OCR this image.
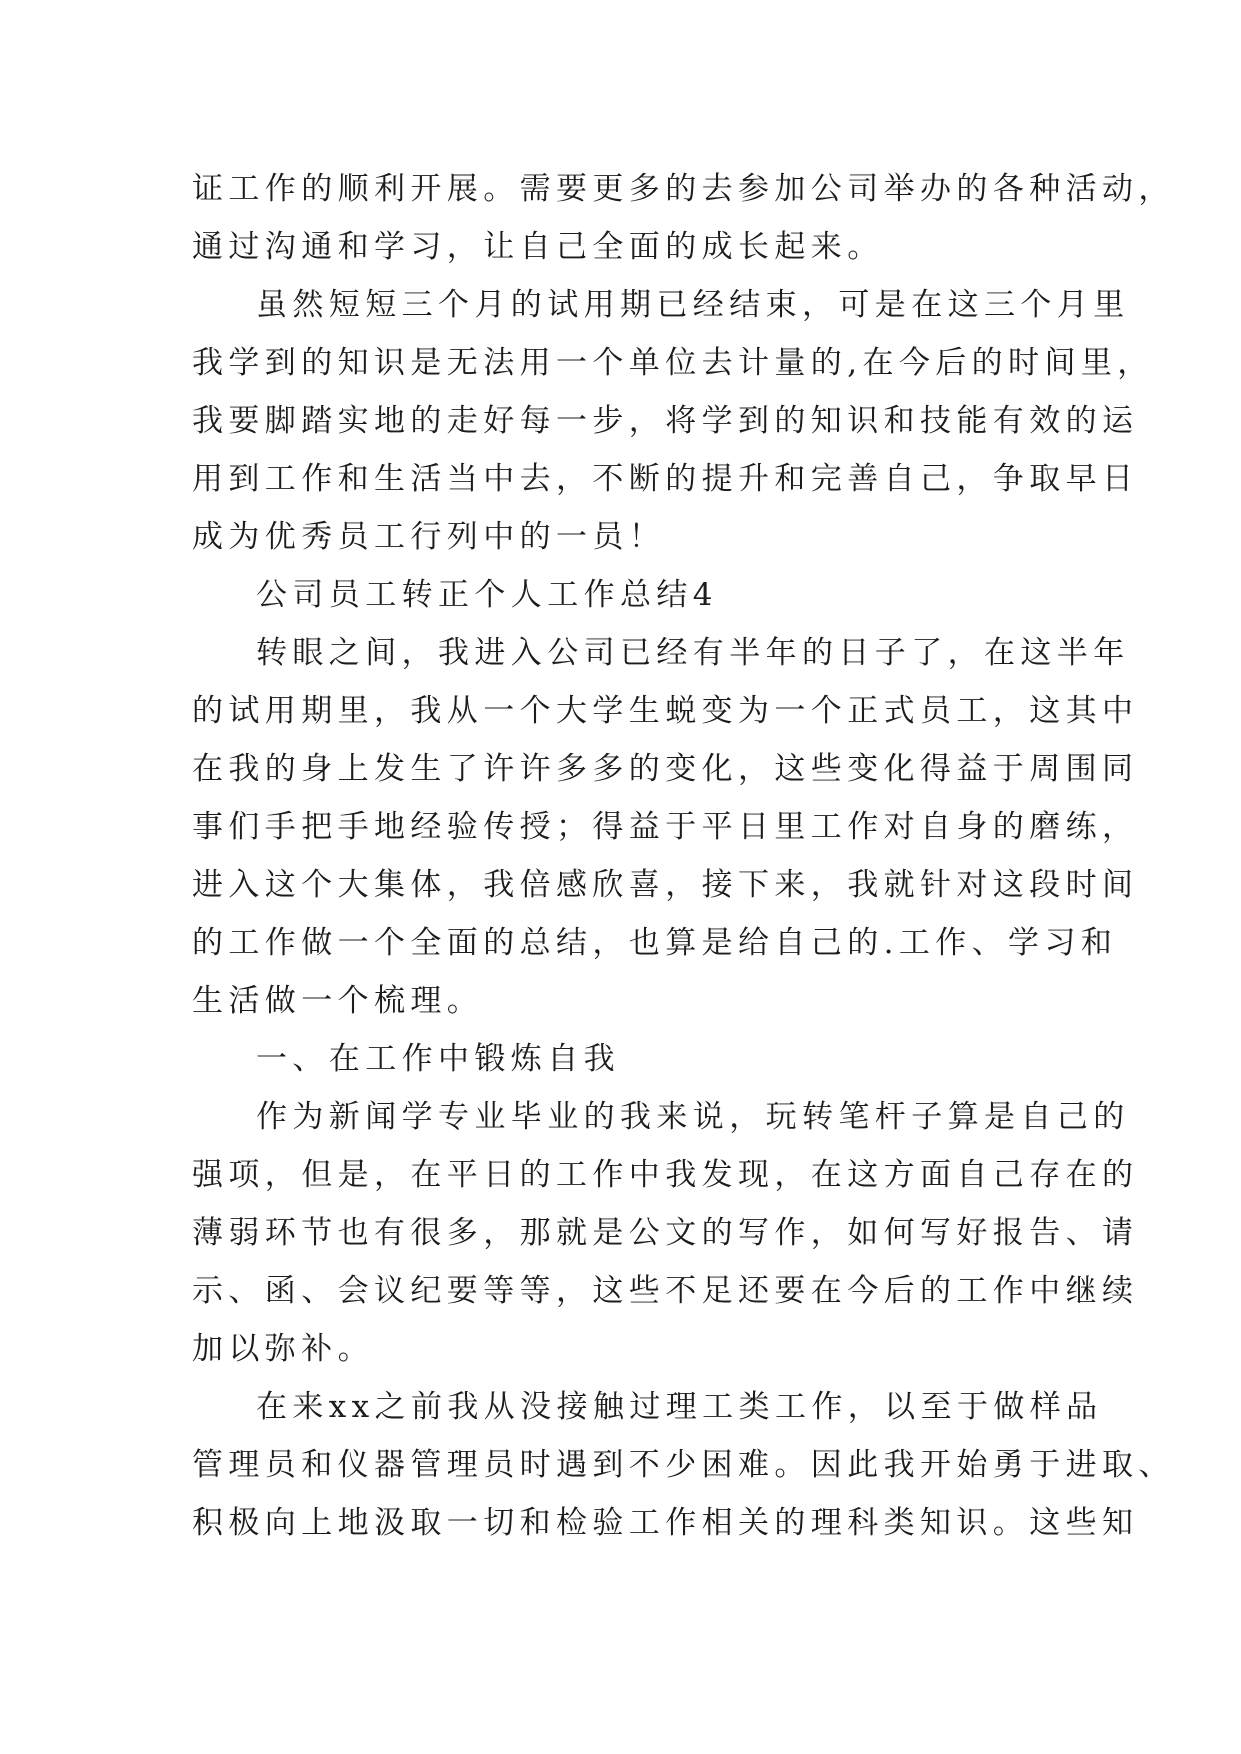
证工作的顺利开展。需要更多的去参加公司举办的各种活动，
通过沟通和学习，让自己全面的成长起来。
虽然短短三个月的试用期已经结束，可是在这三个月里
我学到的知识是无法用一个单位去计量的,在今后的时间里，
我要脚踏实地的走好每一步，将学到的知识和技能有效的运
用到工作和生活当中去，不断的提升和完善自己，争取早日
成为优秀员工行列中的一员！
公司员工转正个人工作总结4
转眼之间，我进入公司已经有半年的日子了，在这半年
的试用期里，我从一个大学生蜕变为一个正式员工，这其中
在我的身上发生了许许多多的变化，这些变化得益于周围同
事们手把手地经验传授；得益于平日里工作对自身的磨练，
进入这个大集体，我倍感欣喜，接下来，我就针对这段时间
的工作做一个全面的总结，也算是给自己的.工作、学习和
生活做一个梳理。
一、在工作中锻炼自我
作为新闻学专业毕业的我来说，玩转笔杆子算是自己的
强项，但是，在平日的工作中我发现，在这方面自己存在的
薄弱环节也有很多，那就是公文的写作，如何写好报告、请
示、函、会议纪要等等，这些不足还要在今后的工作中继续
加以弥补。
在来xx之前我从没接触过理工类工作，以至于做样品
管理员和仪器管理员时遇到不少困难。因此我开始勇于进取、
积极向上地汲取一切和检验工作相关的理科类知识。这些知
